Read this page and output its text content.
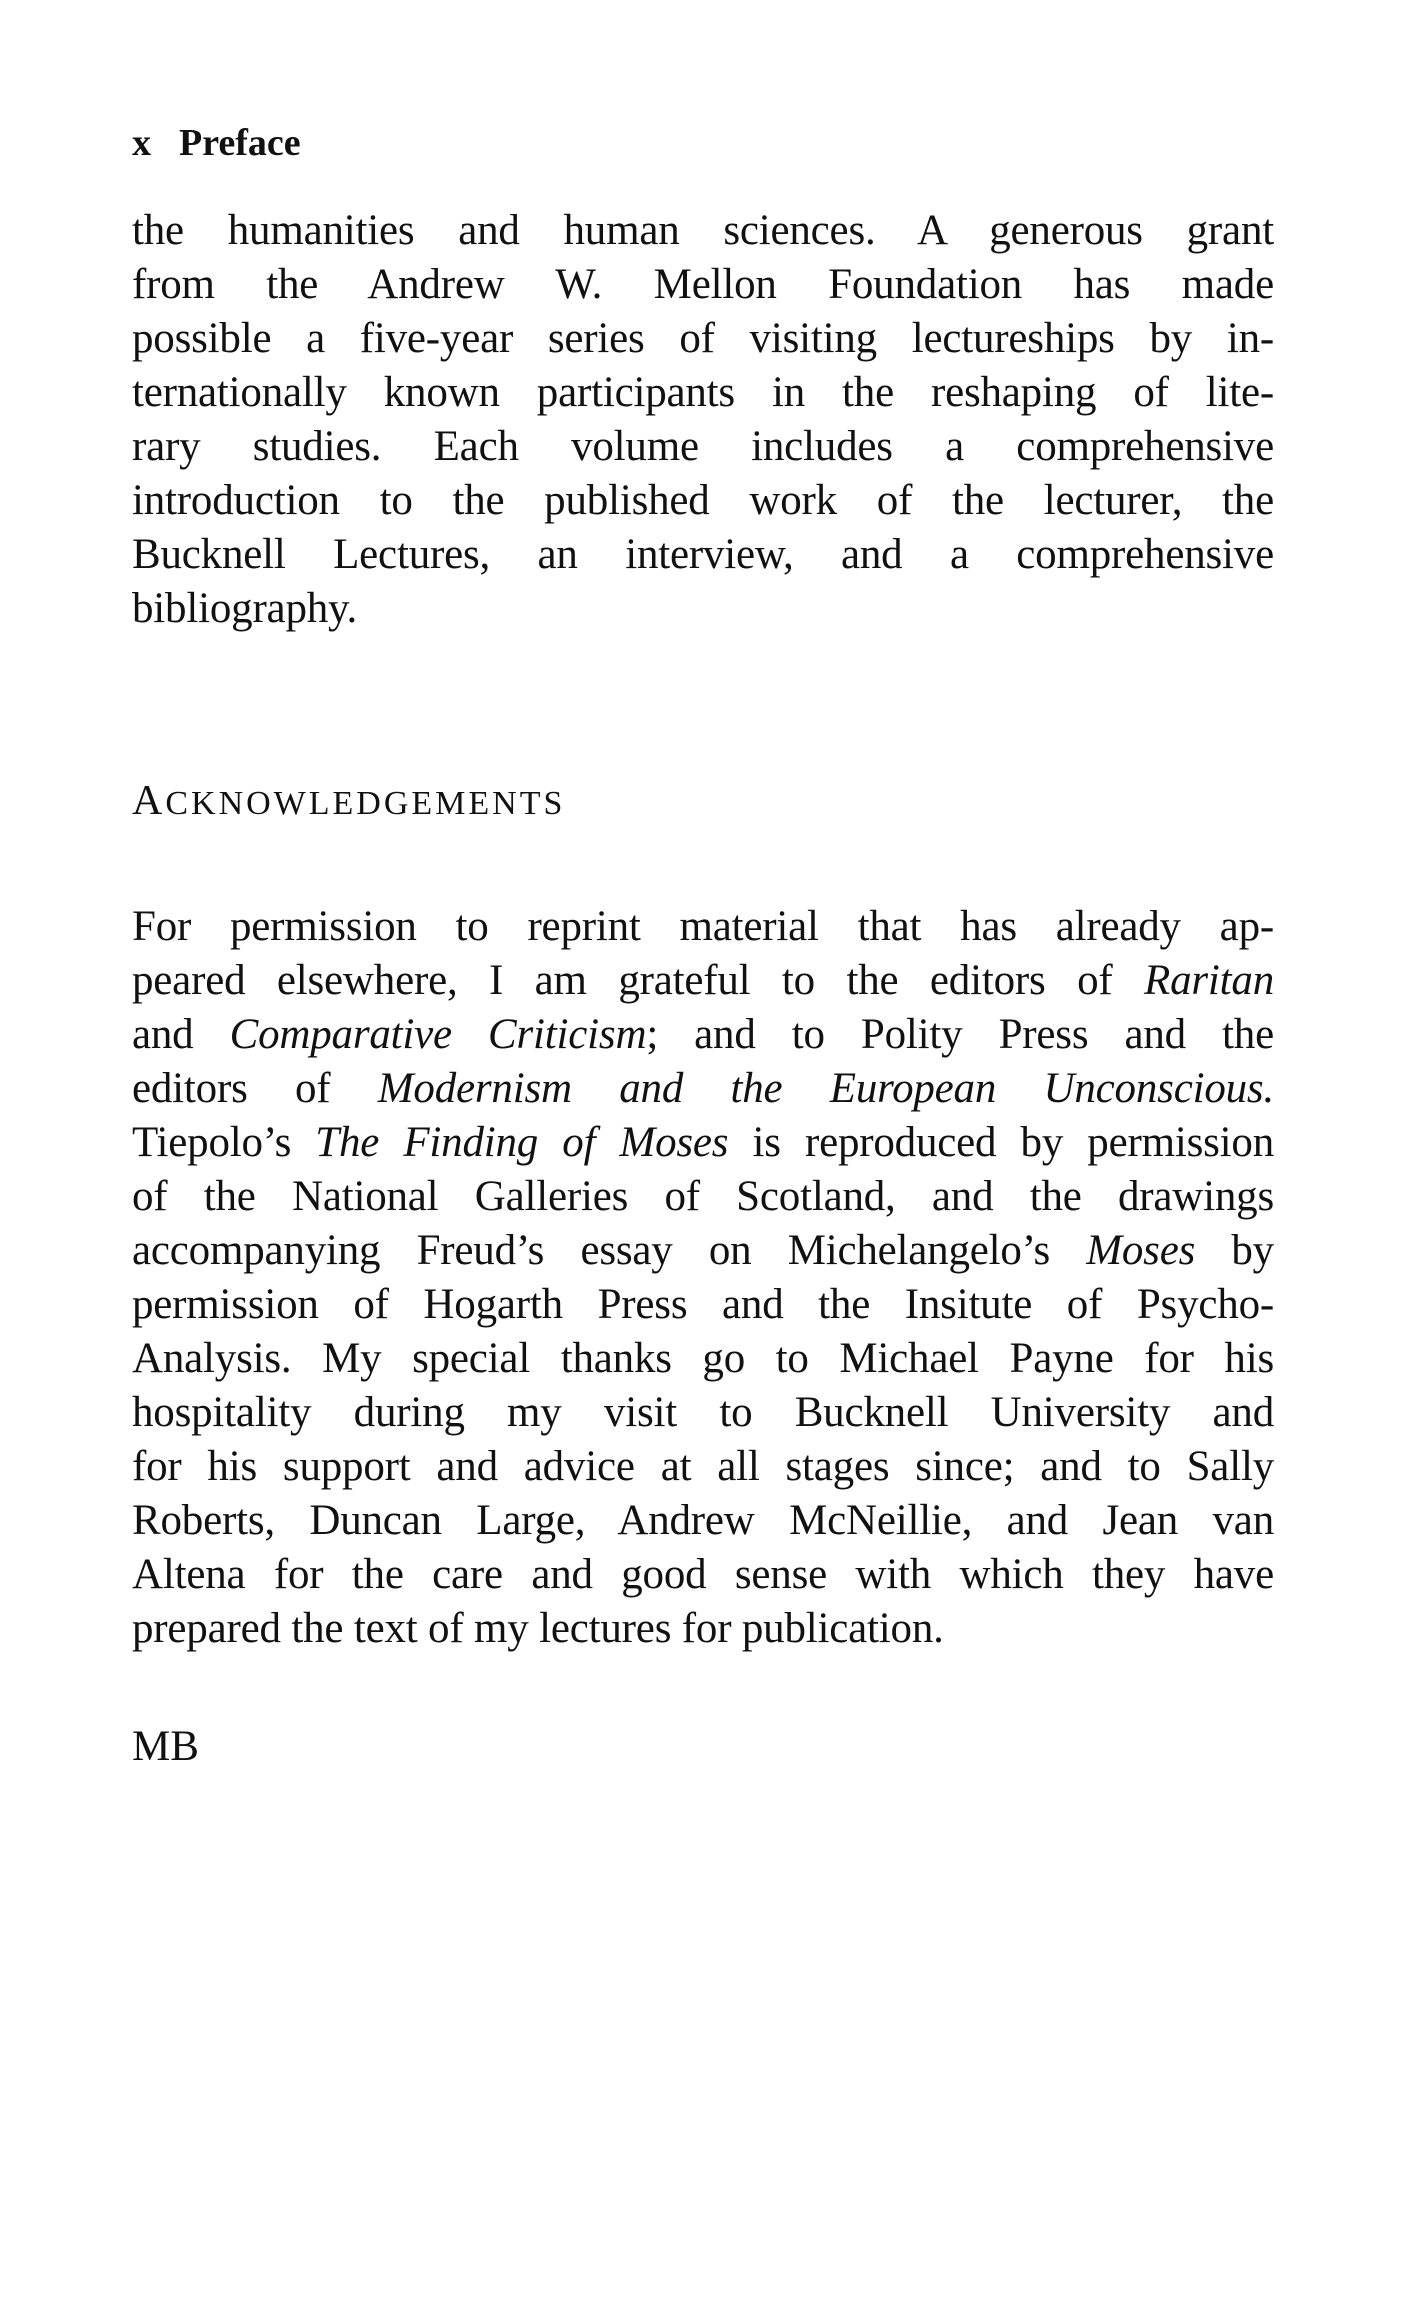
x Preface
the humanities and human sciences. A generous grant
from the Andrew W. Mellon Foundation has made
possible a five-year series of visiting lectureships by in-
ternationally known participants in the reshaping of lite-
rary studies. Each volume includes a comprehensive
introduction to the published work of the lecturer, the
Bucknell Lectures, an interview, and a comprehensive
bibliography.
ACKNOWLEDGEMENTS
For permission to reprint material that has already ap-
peared elsewhere, I am grateful to the editors of Raritan
and Comparative Criticism; and to Polity Press and the
editors of Modernism and the European Unconscious.
Tiepolo’s The Finding of Moses is reproduced by permission
of the National Galleries of Scotland, and the drawings
accompanying Freud’s essay on Michelangelo’s Moses by
permission of Hogarth Press and the Insitute of Psycho-
Analysis. My special thanks go to Michael Payne for his
hospitality during my visit to Bucknell University and
for his support and advice at all stages since; and to Sally
Roberts, Duncan Large, Andrew McNeillie, and Jean van
Altena for the care and good sense with which they have
prepared the text of my lectures for publication.
MB
